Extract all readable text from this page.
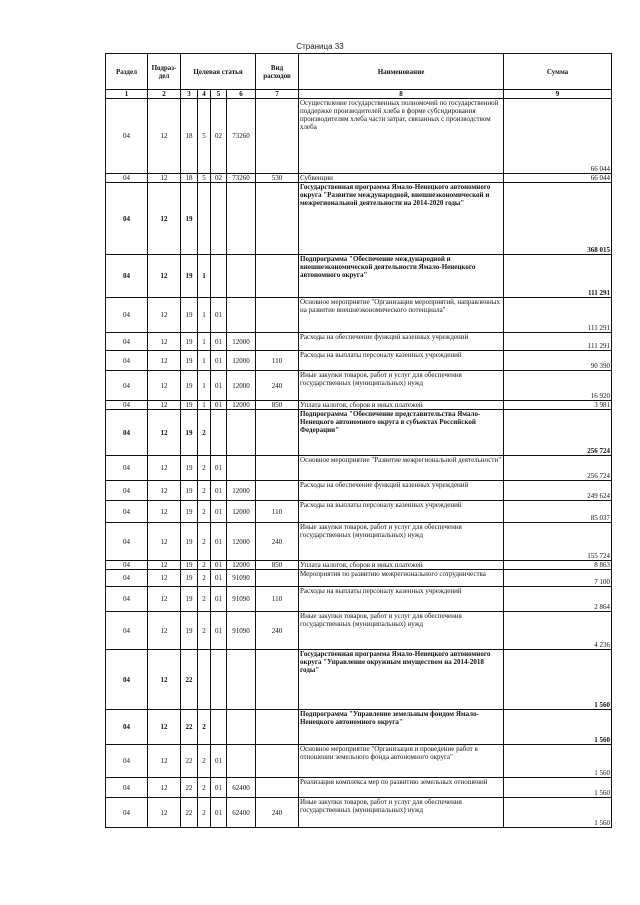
Страница 33
Раздел	Подраз-дел	Целевая статья				Вид расходов	Наименование	Сумма
1	2	3	4	5	6	7	8	9
04	12	18	5	02	73260		Осуществление государственных полномочий по государственной поддержке производителей хлеба в форме субсидирования производителям хлеба части затрат, связанных с производством хлеба	66 044
04	12	18	5	02	73260	530	Субвенции	66 044
04	12	19					Государственная программа Ямало-Ненецкого автономного округа "Развитие международной, внешнеэкономической и межрегиональной деятельности на 2014-2020 годы"	368 015
04	12	19	1				Подпрограмма "Обеспечение международной и внешнеэкономической деятельности Ямало-Ненецкого автономного округа"	111 291
04	12	19	1	01			Основное мероприятие "Организация мероприятий, направленных на развитие внешнеэкономического потенциала"	111 291
04	12	19	1	01	12000		Расходы на обеспечение функций казенных учреждений	111 291
04	12	19	1	01	12000	110	Расходы на выплаты персоналу казенных учреждений	90 390
04	12	19	1	01	12000	240	Иные закупки товаров, работ и услуг для обеспечения государственных (муниципальных) нужд	16 920
04	12	19	1	01	12000	850	Уплата налогов, сборов и иных платежей	3 981
04	12	19	2				Подпрограмма "Обеспечение представительства Ямало-Ненецкого автономного округа в субъектах Российской Федерации"	256 724
04	12	19	2	01			Основное мероприятие "Развитие межрегиональной деятельности"	256 724
04	12	19	2	01	12000		Расходы на обеспечение функций казенных учреждений	249 624
04	12	19	2	01	12000	110	Расходы на выплаты персоналу казенных учреждений	85 037
04	12	19	2	01	12000	240	Иные закупки товаров, работ и услуг для обеспечения государственных (муниципальных) нужд	155 724
04	12	19	2	01	12000	850	Уплата налогов, сборов и иных платежей	8 863
04	12	19	2	01	91090		Мероприятия по развитию межрегионального сотрудничества	7 100
04	12	19	2	01	91090	110	Расходы на выплаты персоналу казенных учреждений	2 864
04	12	19	2	01	91090	240	Иные закупки товаров, работ и услуг для обеспечения государственных (муниципальных) нужд	4 236
04	12	22					Государственная программа Ямало-Ненецкого автономного округа "Управление окружным имуществом на 2014-2018 годы"	1 560
04	12	22	2				Подпрограмма "Управление земельным фондом Ямало-Ненецкого автономного округа"	1 560
04	12	22	2	01			Основное мероприятие "Организация и проведение работ в отношении земельного фонда автономного округа"	1 560
04	12	22	2	01	62400		Реализация комплекса мер по развитию земельных отношений	1 560
04	12	22	2	01	62400	240	Иные закупки товаров, работ и услуг для обеспечения государственных (муниципальных) нужд	1 560
